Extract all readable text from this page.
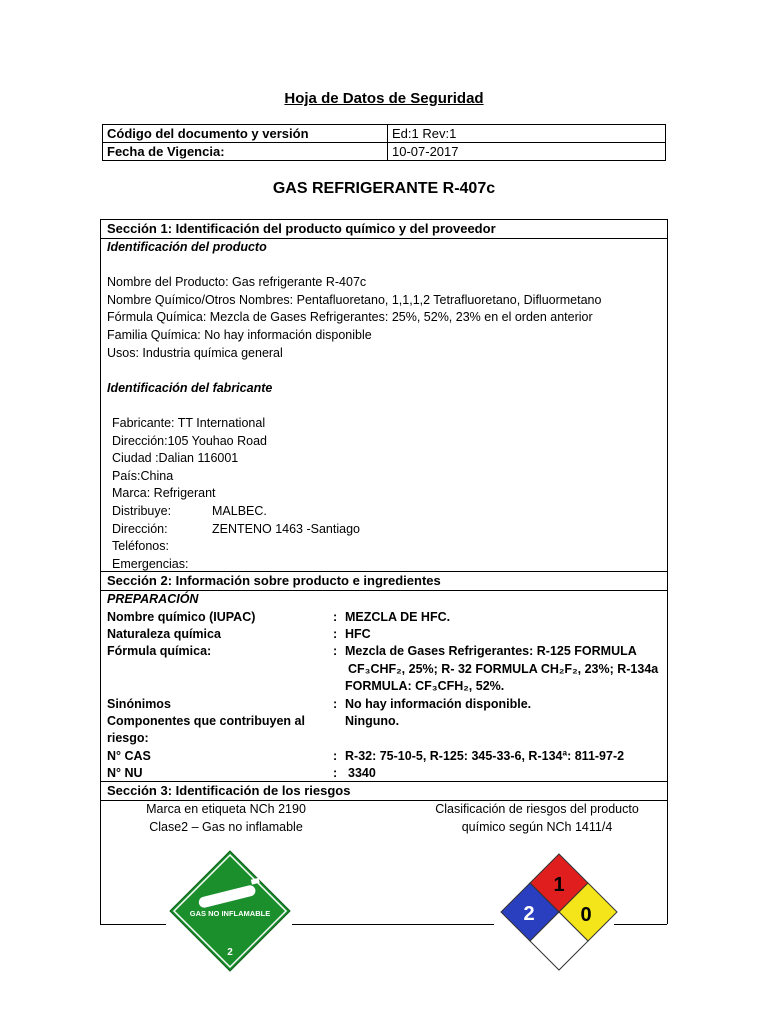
Hoja de Datos de Seguridad
Código del documento y versión	Ed:1 Rev:1
Fecha de Vigencia:	10-07-2017
GAS REFRIGERANTE R-407c
Sección 1: Identificación del producto químico y del proveedor
Identificación del producto

Nombre del Producto: Gas refrigerante R-407c
Nombre Químico/Otros Nombres: Pentafluoretano, 1,1,1,2 Tetrafluoretano, Difluormetano
Fórmula Química: Mezcla de Gases Refrigerantes: 25%, 52%, 23% en el orden anterior
Familia Química: No hay información disponible
Usos: Industria química general

Identificación del fabricante

Fabricante: TT International
Dirección:105 Youhao Road
Ciudad :Dalian 116001
País:China
Marca: Refrigerant
Distribuye:	MALBEC.
Dirección:	ZENTENO 1463 -Santiago
Teléfonos:
Emergencias:
Sección 2: Información sobre producto e ingredientes
PREPARACIÓN
Nombre químico (IUPAC)	: MEZCLA DE HFC.
Naturaleza química	: HFC
Fórmula química:	: Mezcla de Gases Refrigerantes: R-125 FORMULA
CF₃CHF₂, 25%; R- 32 FORMULA CH₂F₂, 23%; R-134a
FORMULA: CF₃CFH₂, 52%.
Sinónimos	: No hay información disponible.
Componentes que contribuyen al riesgo:
Ninguno.
N° CAS	: R-32: 75-10-5, R-125: 345-33-6, R-134ª: 811-97-2
N° NU	: 3340

Sección 3: Identificación de los riesgos
Marca en etiqueta NCh 2190	Clasificación de riesgos del producto
Clase2 – Gas no inflamable	químico según NCh 1411/4
GAS NO INFLAMABLE
2
1
2 0
